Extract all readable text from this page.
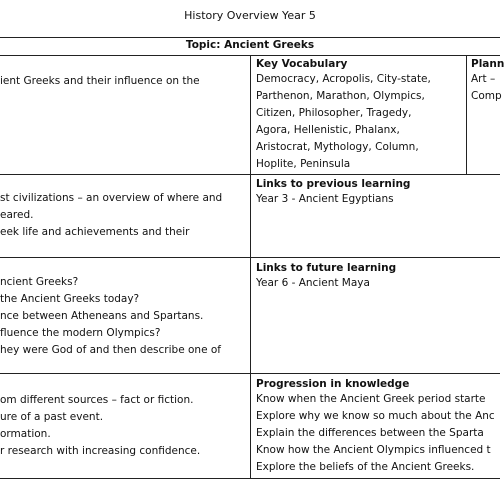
History Overview Year 5
Topic: Ancient Greeks
ient Greeks and their influence on the
st civilizations – an overview of where and
eared.
eek life and achievements and their
ncient Greeks?
the Ancient Greeks today?
nce between Atheneans and Spartans.
fluence the modern Olympics?
hey were God of and then describe one of
om different sources – fact or fiction.
ure of a past event.
ormation.
r research with increasing confidence.
Key Vocabulary
Democracy, Acropolis, City-state,
Parthenon, Marathon, Olympics,
Citizen, Philosopher, Tragedy,
Agora, Hellenistic, Phalanx,
Aristocrat, Mythology, Column,
Hoplite, Peninsula
Plann
Art –
Comp
Links to previous learning
Year 3 - Ancient Egyptians
Links to future learning
Year 6 - Ancient Maya
Progression in knowledge
Know when the Ancient Greek period starte
Explore why we know so much about the Anc
Explain the differences between the Sparta
Know how the Ancient Olympics influenced t
Explore the beliefs of the Ancient Greeks.
